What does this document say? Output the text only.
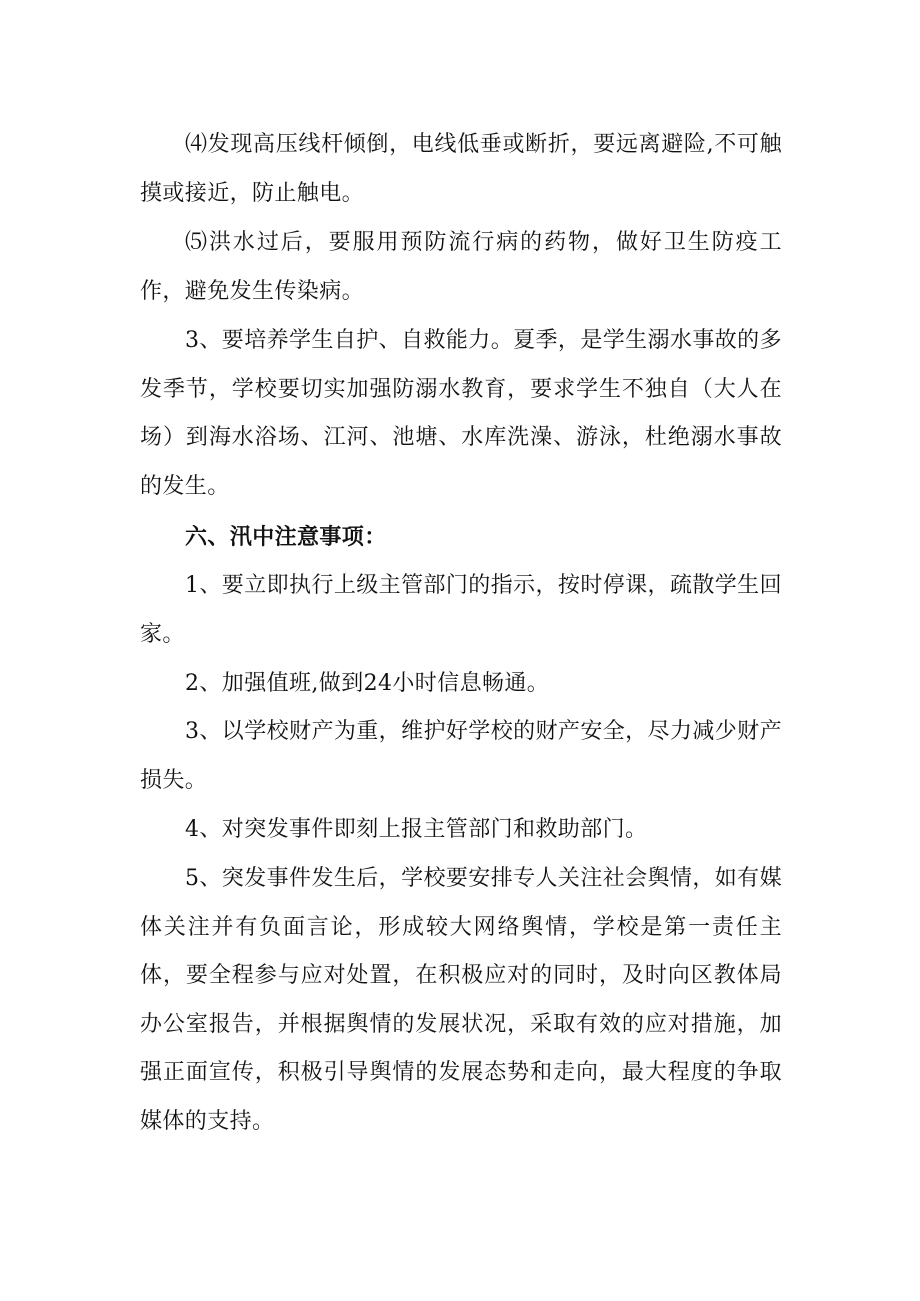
⑷发现高压线杆倾倒，电线低垂或断折，要远离避险,不可触摸或接近，防止触电。

⑸洪水过后，要服用预防流行病的药物，做好卫生防疫工作，避免发生传染病。

3、要培养学生自护、自救能力。夏季，是学生溺水事故的多发季节，学校要切实加强防溺水教育，要求学生不独自（大人在场）到海水浴场、江河、池塘、水库洗澡、游泳，杜绝溺水事故的发生。

六、汛中注意事项：

1、要立即执行上级主管部门的指示，按时停课，疏散学生回家。

2、加强值班,做到24小时信息畅通。

3、以学校财产为重，维护好学校的财产安全，尽力减少财产损失。

4、对突发事件即刻上报主管部门和救助部门。

5、突发事件发生后，学校要安排专人关注社会舆情，如有媒体关注并有负面言论，形成较大网络舆情，学校是第一责任主体，要全程参与应对处置，在积极应对的同时，及时向区教体局办公室报告，并根据舆情的发展状况，采取有效的应对措施，加强正面宣传，积极引导舆情的发展态势和走向，最大程度的争取媒体的支持。
